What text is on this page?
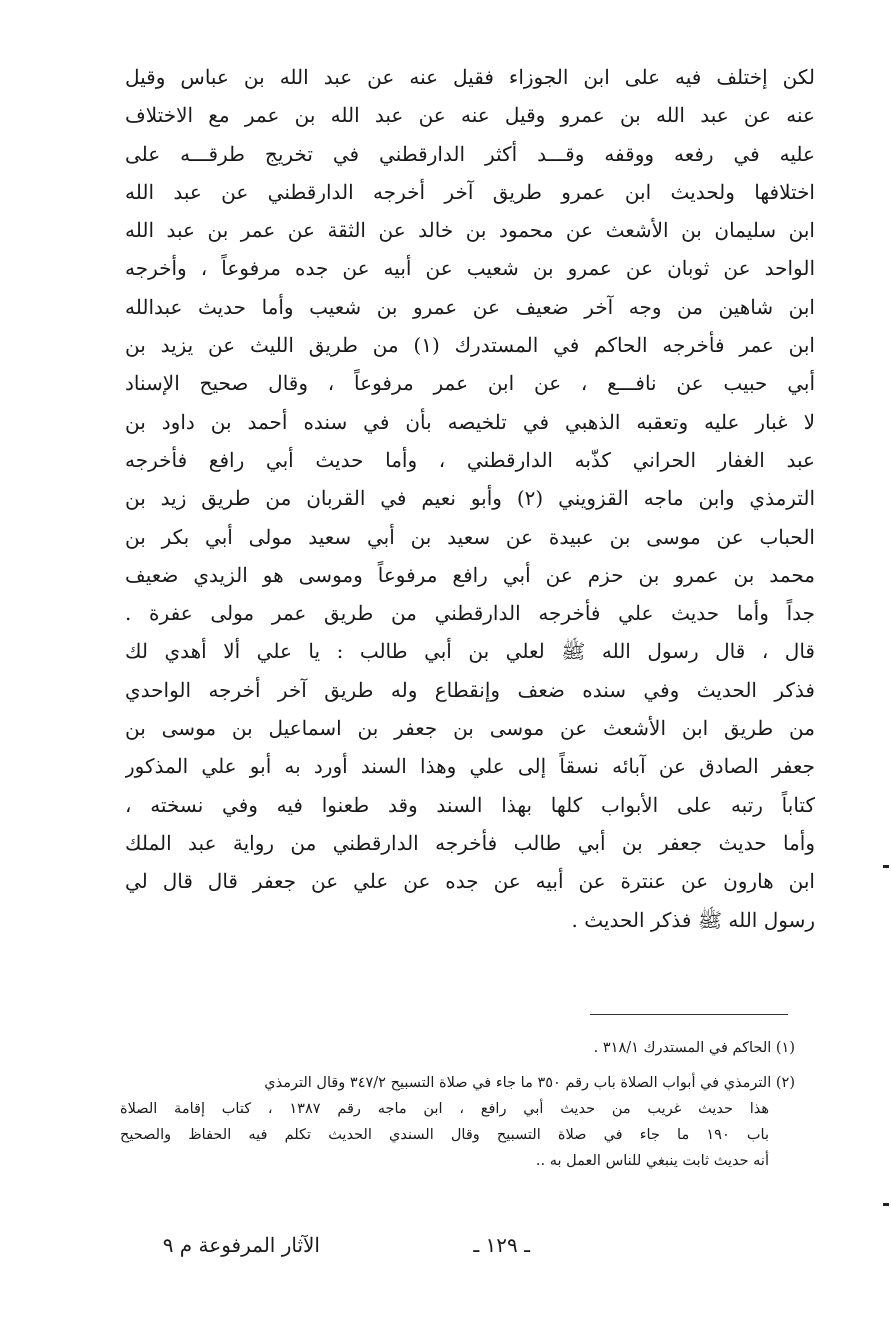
لكن إختلف فيه على ابن الجوزاء فقيل عنه عن عبد الله بن عباس وقيل
عنه عن عبد الله بن عمرو وقيل عنه عن عبد الله بن عمر مع الاختلاف
عليه في رفعه ووقفه وقـــد أكثر الدارقطني في تخريج طرقـــه على
اختلافها ولحديث ابن عمرو طريق آخر أخرجه الدارقطني عن عبد الله
ابن سليمان بن الأشعث عن محمود بن خالد عن الثقة عن عمر بن عبد الله
الواحد عن ثوبان عن عمرو بن شعيب عن أبيه عن جده مرفوعاً ، وأخرجه
ابن شاهين من وجه آخر ضعيف عن عمرو بن شعيب وأما حديث عبدالله
ابن عمر فأخرجه الحاكم في المستدرك (١) من طريق الليث عن يزيد بن
أبي حبيب عن نافـــع ، عن ابن عمر مرفوعاً ، وقال صحيح الإسناد
لا غبار عليه وتعقبه الذهبي في تلخيصه بأن في سنده أحمد بن داود بن
عبد الغفار الحراني كذّبه الدارقطني ، وأما حديث أبي رافع فأخرجه
الترمذي وابن ماجه القزويني (٢) وأبو نعيم في القربان من طريق زيد بن
الحباب عن موسى بن عبيدة عن سعيد بن أبي سعيد مولى أبي بكر بن
محمد بن عمرو بن حزم عن أبي رافع مرفوعاً وموسى هو الزيدي ضعيف
جداً وأما حديث علي فأخرجه الدارقطني من طريق عمر مولى عفرة .
قال ، قال رسول الله ﷺ لعلي بن أبي طالب : يا علي ألا أهدي لك
فذكر الحديث وفي سنده ضعف وإنقطاع وله طريق آخر أخرجه الواحدي
من طريق ابن الأشعث عن موسى بن جعفر بن اسماعيل بن موسى بن
جعفر الصادق عن آبائه نسقاً إلى علي وهذا السند أورد به أبو علي المذكور
كتاباً رتبه على الأبواب كلها بهذا السند وقد طعنوا فيه وفي نسخته ،
وأما حديث جعفر بن أبي طالب فأخرجه الدارقطني من رواية عبد الملك
ابن هارون عن عنترة عن أبيه عن جده عن علي عن جعفر قال قال لي
رسول الله ﷺ فذكر الحديث .
(١) الحاكم في المستدرك ٣١٨/١ .
(٢) الترمذي في أبواب الصلاة باب رقم ٣٥٠ ما جاء في صلاة التسبيح ٣٤٧/٢ وقال الترمذي
هذا حديث غريب من حديث أبي رافع ، ابن ماجه رقم ١٣٨٧ ، كتاب إقامة الصلاة
باب ١٩٠ ما جاء في صلاة التسبيح وقال السندي الحديث تكلم فيه الحفاظ والصحيح
أنه حديث ثابت ينبغي للناس العمل به ..
ـ ١٢٩ ـ
الآثار المرفوعة م ٩
